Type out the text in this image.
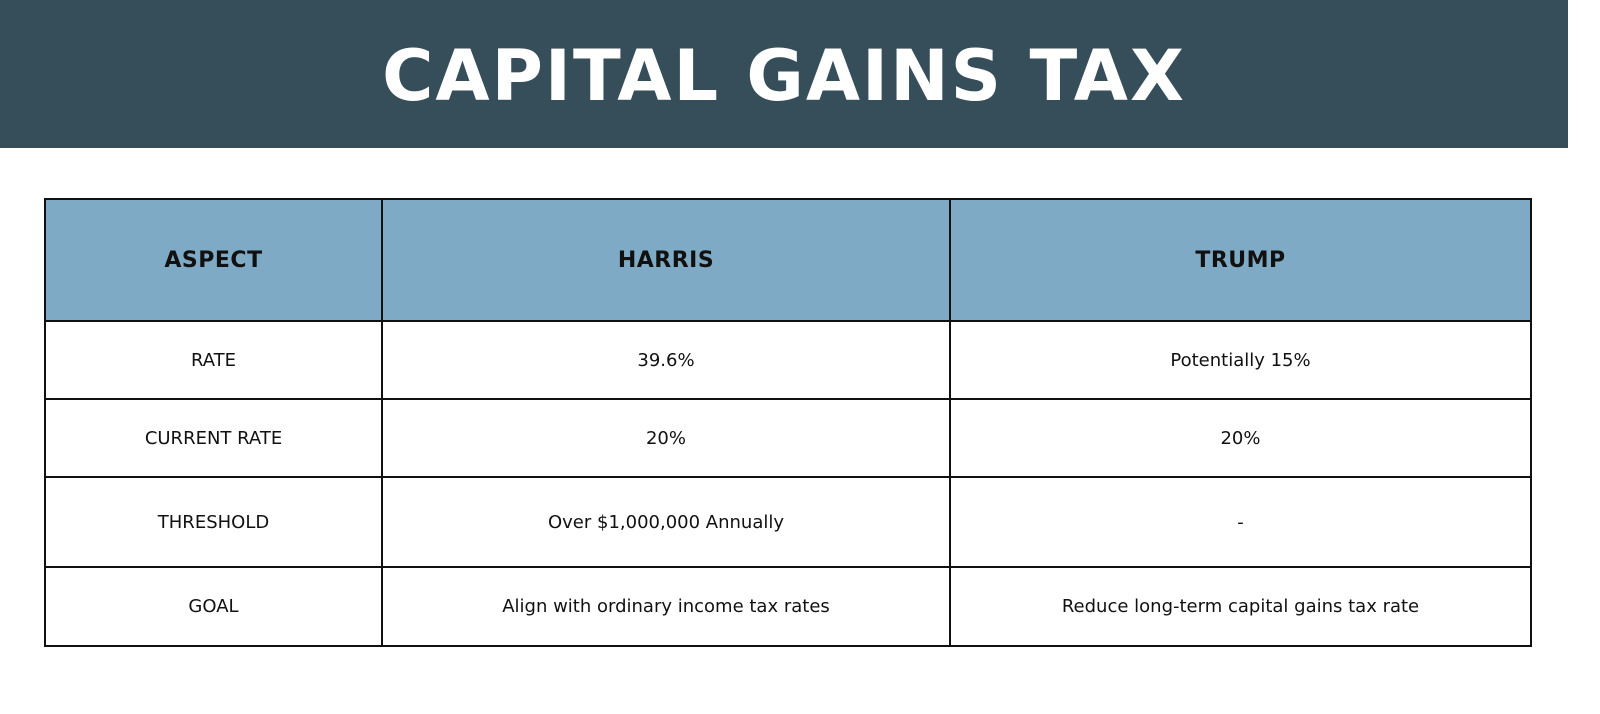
CAPITAL GAINS TAX
ASPECT	HARRIS	TRUMP
RATE	39.6%	Potentially 15%
CURRENT RATE	20%	20%
THRESHOLD	Over $1,000,000 Annually	-
GOAL	Align with ordinary income tax rates	Reduce long-term capital gains tax rate
